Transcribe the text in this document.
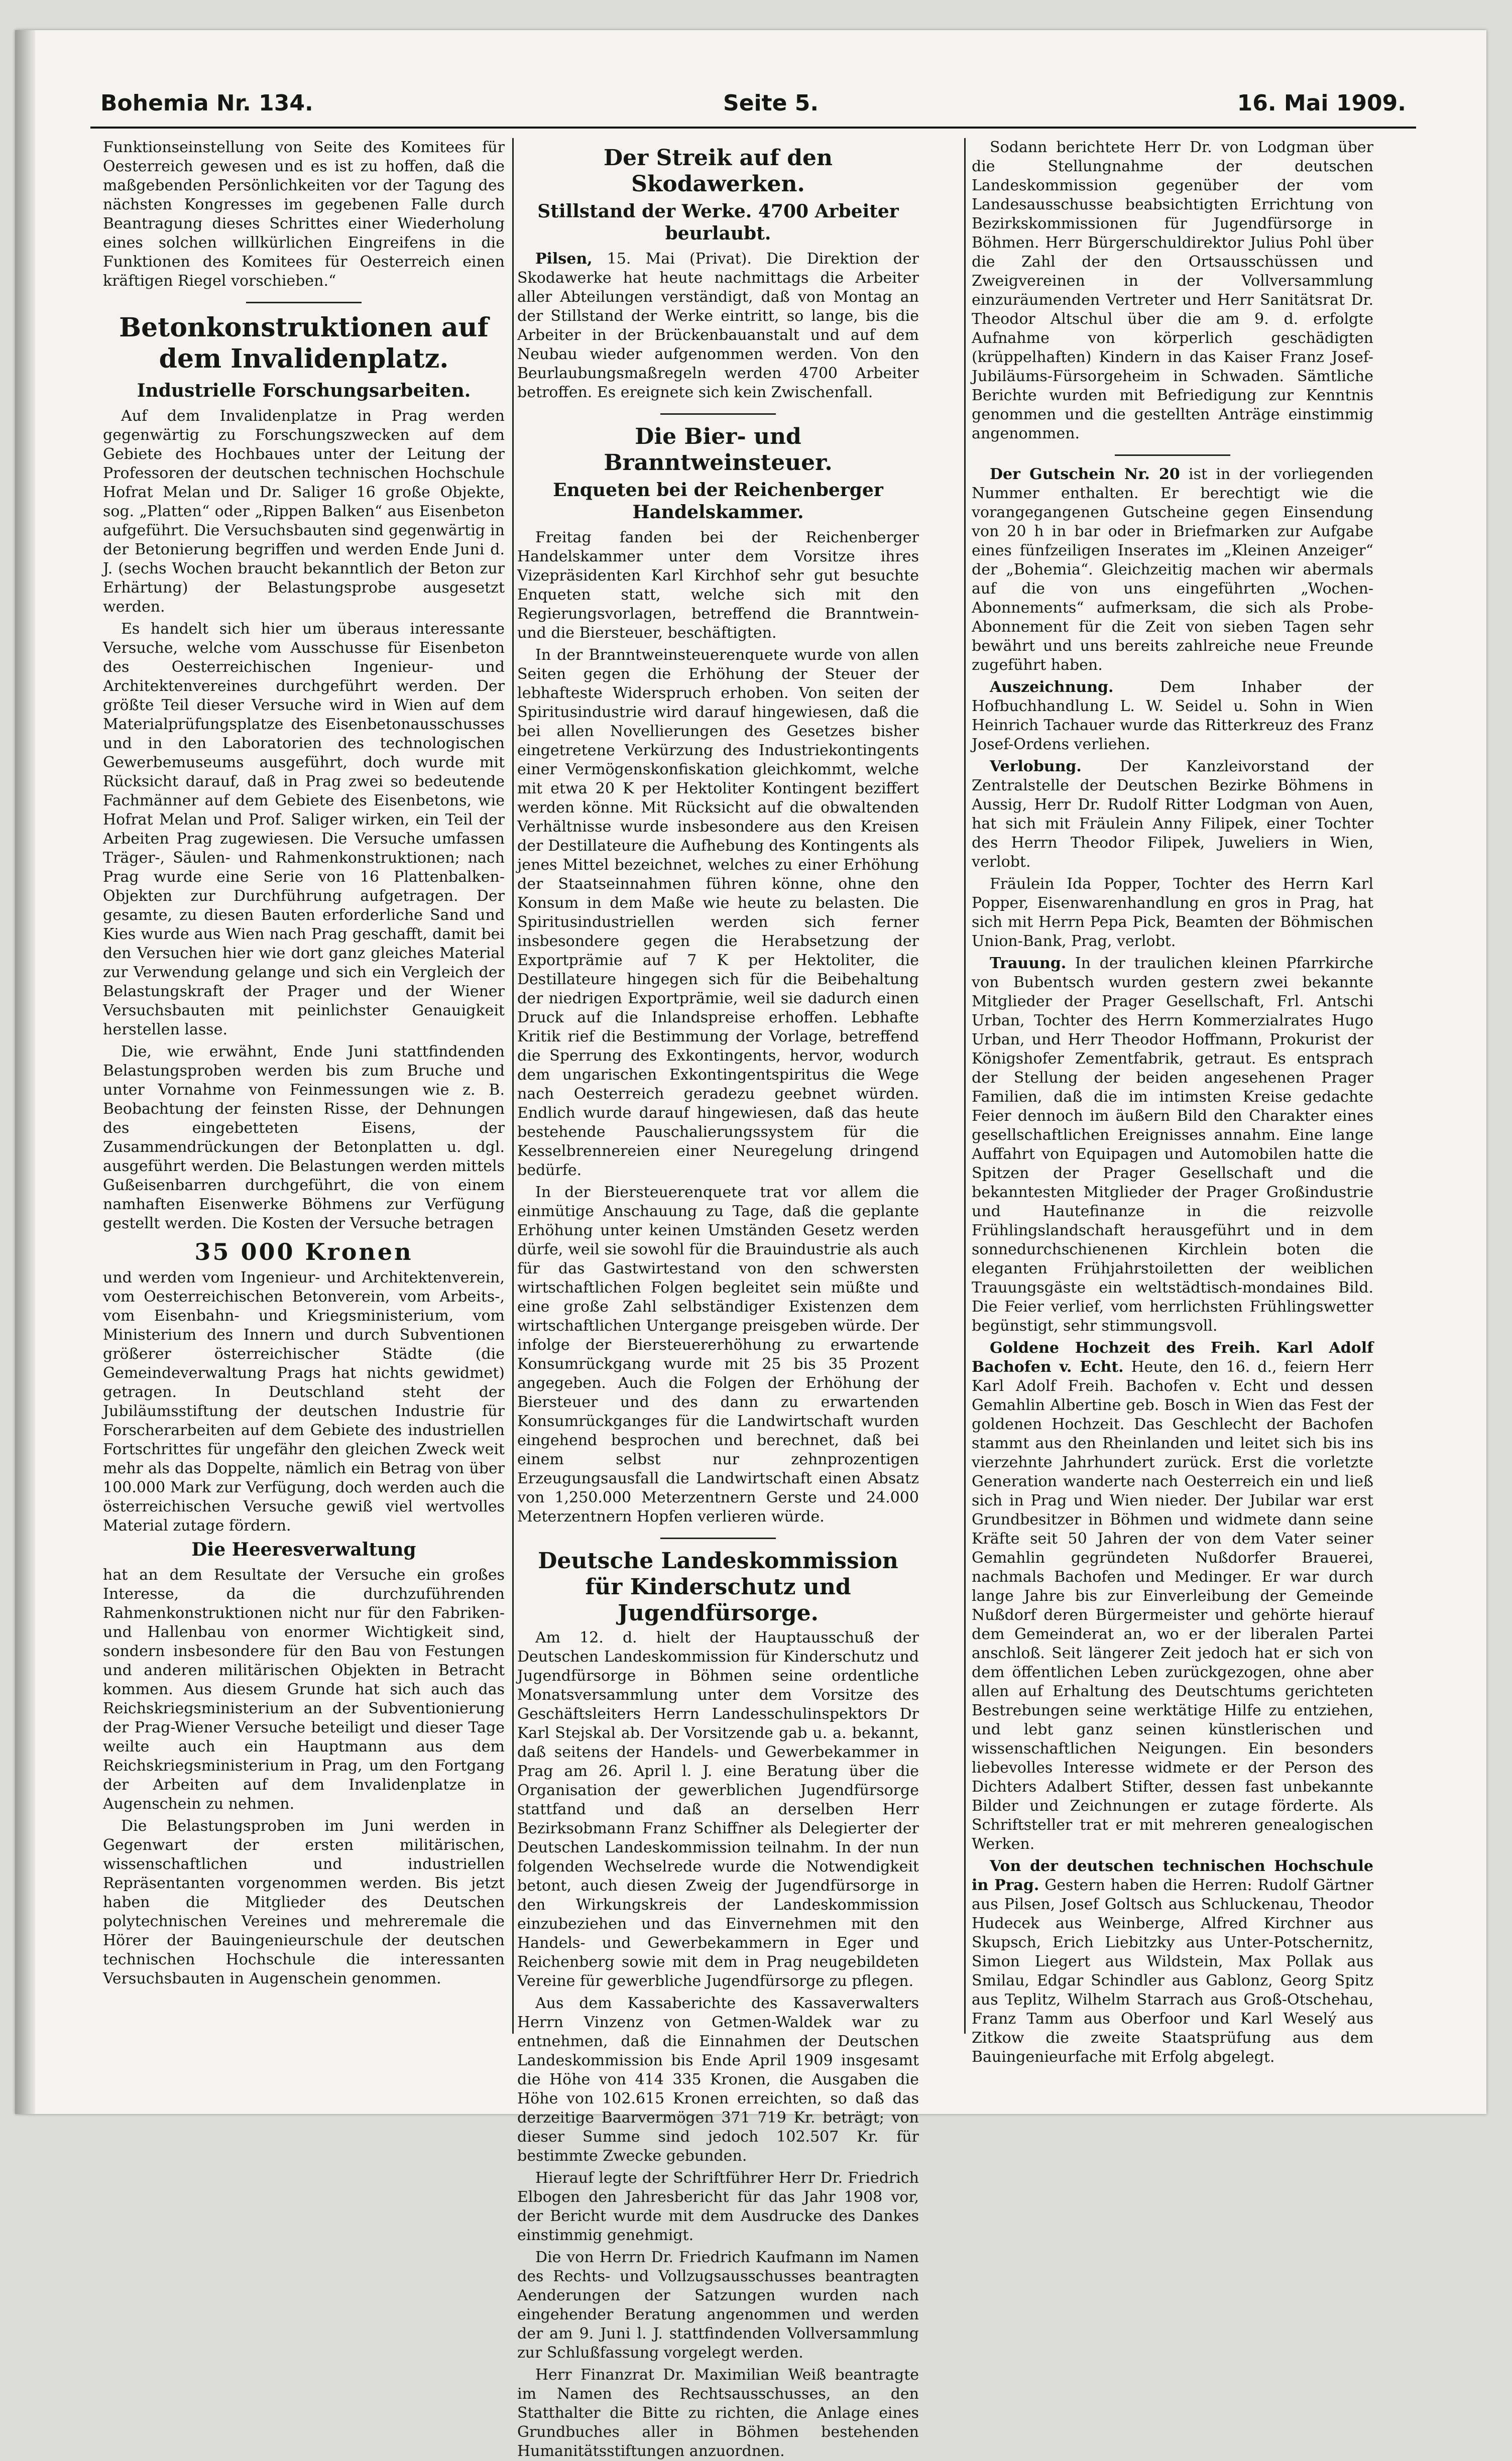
Bohemia Nr. 134.	Seite 5.	16. Mai 1909.

Funktionseinstellung von Seite des Komitees für Oesterreich gewesen und es ist zu hoffen, daß die maßgebenden Persönlichkeiten vor der Tagung des nächsten Kongresses im gegebenen Falle durch Beantragung dieses Schrittes einer Wiederholung eines solchen willkürlichen Eingreifens in die Funktionen des Komitees für Oesterreich einen kräftigen Riegel vorschieben.“

Betonkonstruktionen auf dem Invalidenplatz.
Industrielle Forschungsarbeiten.

Auf dem Invalidenplatze in Prag werden gegenwärtig zu Forschungszwecken auf dem Gebiete des Hochbaues unter der Leitung der Professoren der deutschen technischen Hochschule Hofrat Melan und Dr. Saliger 16 große Objekte, sog. „Platten“ oder „Rippen Balken“ aus Eisenbeton aufgeführt. Die Versuchsbauten sind gegenwärtig in der Betonierung begriffen und werden Ende Juni d. J. (sechs Wochen braucht bekanntlich der Beton zur Erhärtung) der Belastungsprobe ausgesetzt werden.

Es handelt sich hier um überaus interessante Versuche, welche vom Ausschusse für Eisenbeton des Oesterreichischen Ingenieur- und Architektenvereines durchgeführt werden. Der größte Teil dieser Versuche wird in Wien auf dem Materialprüfungsplatze des Eisenbetonausschusses und in den Laboratorien des technologischen Gewerbemuseums ausgeführt, doch wurde mit Rücksicht darauf, daß in Prag zwei so bedeutende Fachmänner auf dem Gebiete des Eisenbetons, wie Hofrat Melan und Prof. Saliger wirken, ein Teil der Arbeiten Prag zugewiesen. Die Versuche umfassen Träger-, Säulen- und Rahmenkonstruktionen; nach Prag wurde eine Serie von 16 Plattenbalken-Objekten zur Durchführung aufgetragen. Der gesamte, zu diesen Bauten erforderliche Sand und Kies wurde aus Wien nach Prag geschafft, damit bei den Versuchen hier wie dort ganz gleiches Material zur Verwendung gelange und sich ein Vergleich der Belastungskraft der Prager und der Wiener Versuchsbauten mit peinlichster Genauigkeit herstellen lasse.

Die, wie erwähnt, Ende Juni stattfindenden Belastungsproben werden bis zum Bruche und unter Vornahme von Feinmessungen wie z. B. Beobachtung der feinsten Risse, der Dehnungen des eingebetteten Eisens, der Zusammendrückungen der Betonplatten u. dgl. ausgeführt werden. Die Belastungen werden mittels Gußeisenbarren durchgeführt, die von einem namhaften Eisenwerke Böhmens zur Verfügung gestellt werden. Die Kosten der Versuche betragen

35 000 Kronen

und werden vom Ingenieur- und Architektenverein, vom Oesterreichischen Betonverein, vom Arbeits-, vom Eisenbahn- und Kriegsministerium, vom Ministerium des Innern und durch Subventionen größerer österreichischer Städte (die Gemeindeverwaltung Prags hat nichts gewidmet) getragen. In Deutschland steht der Jubiläumsstiftung der deutschen Industrie für Forscherarbeiten auf dem Gebiete des industriellen Fortschrittes für ungefähr den gleichen Zweck weit mehr als das Doppelte, nämlich ein Betrag von über 100.000 Mark zur Verfügung, doch werden auch die österreichischen Versuche gewiß viel wertvolles Material zutage fördern.

Die Heeresverwaltung

hat an dem Resultate der Versuche ein großes Interesse, da die durchzuführenden Rahmenkonstruktionen nicht nur für den Fabriken- und Hallenbau von enormer Wichtigkeit sind, sondern insbesondere für den Bau von Festungen und anderen militärischen Objekten in Betracht kommen. Aus diesem Grunde hat sich auch das Reichskriegsministerium an der Subventionierung der Prag-Wiener Versuche beteiligt und dieser Tage weilte auch ein Hauptmann aus dem Reichskriegsministerium in Prag, um den Fortgang der Arbeiten auf dem Invalidenplatze in Augenschein zu nehmen.

Die Belastungsproben im Juni werden in Gegenwart der ersten militärischen, wissenschaftlichen und industriellen Repräsentanten vorgenommen werden. Bis jetzt haben die Mitglieder des Deutschen polytechnischen Vereines und mehreremale die Hörer der Bauingenieurschule der deutschen technischen Hochschule die interessanten Versuchsbauten in Augenschein genommen.

Der Streik auf den Skodawerken.
Stillstand der Werke. 4700 Arbeiter beurlaubt.

Pilsen, 15. Mai (Privat). Die Direktion der Skodawerke hat heute nachmittags die Arbeiter aller Abteilungen verständigt, daß von Montag an der Stillstand der Werke eintritt, so lange, bis die Arbeiter in der Brückenbauanstalt und auf dem Neubau wieder aufgenommen werden. Von den Beurlaubungsmaßregeln werden 4700 Arbeiter betroffen. Es ereignete sich kein Zwischenfall.

Die Bier- und Branntweinsteuer.
Enqueten bei der Reichenberger Handelskammer.

Freitag fanden bei der Reichenberger Handelskammer unter dem Vorsitze ihres Vizepräsidenten Karl Kirchhof sehr gut besuchte Enqueten statt, welche sich mit den Regierungsvorlagen, betreffend die Branntwein- und die Biersteuer, beschäftigten.

In der Branntweinsteuerenquete wurde von allen Seiten gegen die Erhöhung der Steuer der lebhafteste Widerspruch erhoben. Von seiten der Spiritusindustrie wird darauf hingewiesen, daß die bei allen Novellierungen des Gesetzes bisher eingetretene Verkürzung des Industriekontingents einer Vermögenskonfiskation gleichkommt, welche mit etwa 20 K per Hektoliter Kontingent beziffert werden könne. Mit Rücksicht auf die obwaltenden Verhältnisse wurde insbesondere aus den Kreisen der Destillateure die Aufhebung des Kontingents als jenes Mittel bezeichnet, welches zu einer Erhöhung der Staatseinnahmen führen könne, ohne den Konsum in dem Maße wie heute zu belasten. Die Spiritusindustriellen werden sich ferner insbesondere gegen die Herabsetzung der Exportprämie auf 7 K per Hektoliter, die Destillateure hingegen sich für die Beibehaltung der niedrigen Exportprämie, weil sie dadurch einen Druck auf die Inlandspreise erhoffen. Lebhafte Kritik rief die Bestimmung der Vorlage, betreffend die Sperrung des Exkontingents, hervor, wodurch dem ungarischen Exkontingentspiritus die Wege nach Oesterreich geradezu geebnet würden. Endlich wurde darauf hingewiesen, daß das heute bestehende Pauschalierungssystem für die Kesselbrennereien einer Neuregelung dringend bedürfe.

In der Biersteuerenquete trat vor allem die einmütige Anschauung zu Tage, daß die geplante Erhöhung unter keinen Umständen Gesetz werden dürfe, weil sie sowohl für die Brauindustrie als auch für das Gastwirtestand von den schwersten wirtschaftlichen Folgen begleitet sein müßte und eine große Zahl selbständiger Existenzen dem wirtschaftlichen Untergange preisgeben würde. Der infolge der Biersteuererhöhung zu erwartende Konsumrückgang wurde mit 25 bis 35 Prozent angegeben. Auch die Folgen der Erhöhung der Biersteuer und des dann zu erwartenden Konsumrückganges für die Landwirtschaft wurden eingehend besprochen und berechnet, daß bei einem selbst nur zehnprozentigen Erzeugungsausfall die Landwirtschaft einen Absatz von 1,250.000 Meterzentnern Gerste und 24.000 Meterzentnern Hopfen verlieren würde.

Deutsche Landeskommission für Kinderschutz und Jugendfürsorge.

Am 12. d. hielt der Hauptausschuß der Deutschen Landeskommission für Kinderschutz und Jugendfürsorge in Böhmen seine ordentliche Monatsversammlung unter dem Vorsitze des Geschäftsleiters Herrn Landesschulinspektors Dr Karl Stejskal ab. Der Vorsitzende gab u. a. bekannt, daß seitens der Handels- und Gewerbekammer in Prag am 26. April l. J. eine Beratung über die Organisation der gewerblichen Jugendfürsorge stattfand und daß an derselben Herr Bezirksobmann Franz Schiffner als Delegierter der Deutschen Landeskommission teilnahm. In der nun folgenden Wechselrede wurde die Notwendigkeit betont, auch diesen Zweig der Jugendfürsorge in den Wirkungskreis der Landeskommission einzubeziehen und das Einvernehmen mit den Handels- und Gewerbekammern in Eger und Reichenberg sowie mit dem in Prag neugebildeten Vereine für gewerbliche Jugendfürsorge zu pflegen.

Aus dem Kassaberichte des Kassaverwalters Herrn Vinzenz von Getmen-Waldek war zu entnehmen, daß die Einnahmen der Deutschen Landeskommission bis Ende April 1909 insgesamt die Höhe von 414 335 Kronen, die Ausgaben die Höhe von 102.615 Kronen erreichten, so daß das derzeitige Baarvermögen 371 719 Kr. beträgt; von dieser Summe sind jedoch 102.507 Kr. für bestimmte Zwecke gebunden.

Hierauf legte der Schriftführer Herr Dr. Friedrich Elbogen den Jahresbericht für das Jahr 1908 vor, der Bericht wurde mit dem Ausdrucke des Dankes einstimmig genehmigt.

Die von Herrn Dr. Friedrich Kaufmann im Namen des Rechts- und Vollzugsausschusses beantragten Aenderungen der Satzungen wurden nach eingehender Beratung angenommen und werden der am 9. Juni l. J. stattfindenden Vollversammlung zur Schlußfassung vorgelegt werden.

Herr Finanzrat Dr. Maximilian Weiß beantragte im Namen des Rechtsausschusses, an den Statthalter die Bitte zu richten, die Anlage eines Grundbuches aller in Böhmen bestehenden Humanitätsstiftungen anzuordnen.

Sodann berichtete Herr Dr. von Lodgman über die Stellungnahme der deutschen Landeskommission gegenüber der vom Landesausschusse beabsichtigten Errichtung von Bezirkskommissionen für Jugendfürsorge in Böhmen. Herr Bürgerschuldirektor Julius Pohl über die Zahl der den Ortsausschüssen und Zweigvereinen in der Vollversammlung einzuräumenden Vertreter und Herr Sanitätsrat Dr. Theodor Altschul über die am 9. d. erfolgte Aufnahme von körperlich geschädigten (krüppelhaften) Kindern in das Kaiser Franz Josef-Jubiläums-Fürsorgeheim in Schwaden. Sämtliche Berichte wurden mit Befriedigung zur Kenntnis genommen und die gestellten Anträge einstimmig angenommen.

Der Gutschein Nr. 20 ist in der vorliegenden Nummer enthalten. Er berechtigt wie die vorangegangenen Gutscheine gegen Einsendung von 20 h in bar oder in Briefmarken zur Aufgabe eines fünfzeiligen Inserates im „Kleinen Anzeiger“ der „Bohemia“. Gleichzeitig machen wir abermals auf die von uns eingeführten „Wochen-Abonnements“ aufmerksam, die sich als Probe-Abonnement für die Zeit von sieben Tagen sehr bewährt und uns bereits zahlreiche neue Freunde zugeführt haben.

Auszeichnung.	Dem Inhaber der Hofbuchhandlung L. W. Seidel u. Sohn in Wien Heinrich Tachauer wurde das Ritterkreuz des Franz Josef-Ordens verliehen.

Verlobung.	Der Kanzleivorstand der Zentralstelle der Deutschen Bezirke Böhmens in Aussig, Herr Dr. Rudolf Ritter Lodgman von Auen, hat sich mit Fräulein Anny Filipek, einer Tochter des Herrn Theodor Filipek, Juweliers in Wien, verlobt.

Fräulein Ida Popper, Tochter des Herrn Karl Popper, Eisenwarenhandlung en gros in Prag, hat sich mit Herrn Pepa Pick, Beamten der Böhmischen Union-Bank, Prag, verlobt.

Trauung. In der traulichen kleinen Pfarrkirche von Bubentsch wurden gestern zwei bekannte Mitglieder der Prager Gesellschaft, Frl. Antschi Urban, Tochter des Herrn Kommerzialrates Hugo Urban, und Herr Theodor Hoffmann, Prokurist der Königshofer Zementfabrik, getraut. Es entsprach der Stellung der beiden angesehenen Prager Familien, daß die im intimsten Kreise gedachte Feier dennoch im äußern Bild den Charakter eines gesellschaftlichen Ereignisses annahm. Eine lange Auffahrt von Equipagen und Automobilen hatte die Spitzen der Prager Gesellschaft und die bekanntesten Mitglieder der Prager Großindustrie und Hautefinanze in die reizvolle Frühlingslandschaft herausgeführt und in dem sonnedurchschienenen Kirchlein boten die eleganten Frühjahrstoiletten der weiblichen Trauungsgäste ein weltstädtisch-mondaines Bild. Die Feier verlief, vom herrlichsten Frühlingswetter begünstigt, sehr stimmungsvoll.

Goldene Hochzeit des Freih. Karl Adolf Bachofen v. Echt. Heute, den 16. d., feiern Herr Karl Adolf Freih. Bachofen v. Echt und dessen Gemahlin Albertine geb. Bosch in Wien das Fest der goldenen Hochzeit. Das Geschlecht der Bachofen stammt aus den Rheinlanden und leitet sich bis ins vierzehnte Jahrhundert zurück. Erst die vorletzte Generation wanderte nach Oesterreich ein und ließ sich in Prag und Wien nieder. Der Jubilar war erst Grundbesitzer in Böhmen und widmete dann seine Kräfte seit 50 Jahren der von dem Vater seiner Gemahlin gegründeten Nußdorfer Brauerei, nachmals Bachofen und Medinger. Er war durch lange Jahre bis zur Einverleibung der Gemeinde Nußdorf deren Bürgermeister und gehörte hierauf dem Gemeinderat an, wo er der liberalen Partei anschloß. Seit längerer Zeit jedoch hat er sich von dem öffentlichen Leben zurückgezogen, ohne aber allen auf Erhaltung des Deutschtums gerichteten Bestrebungen seine werktätige Hilfe zu entziehen, und lebt ganz seinen künstlerischen und wissenschaftlichen Neigungen. Ein besonders liebevolles Interesse widmete er der Person des Dichters Adalbert Stifter, dessen fast unbekannte Bilder und Zeichnungen er zutage förderte. Als Schriftsteller trat er mit mehreren genealogischen Werken.

Von der deutschen technischen Hochschule in Prag. Gestern haben die Herren: Rudolf Gärtner aus Pilsen, Josef Goltsch aus Schluckenau, Theodor Hudecek aus Weinberge, Alfred Kirchner aus Skupsch, Erich Liebitzky aus Unter-Potschernitz, Simon Liegert aus Wildstein, Max Pollak aus Smilau, Edgar Schindler aus Gablonz, Georg Spitz aus Teplitz, Wilhelm Starrach aus Groß-Otschehau, Franz Tamm aus Oberfoor und Karl Weselý aus Zitkow die zweite Staatsprüfung aus dem Bauingenieurfache mit Erfolg abgelegt.
